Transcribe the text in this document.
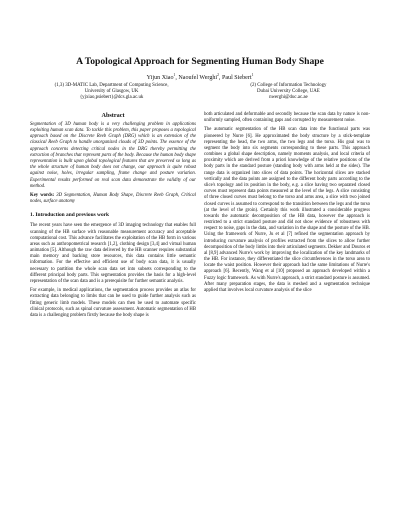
A Topological Approach for Segmenting Human Body Shape
Yijun Xiao$^1$, Naoufel Werghi$^2$, Paul Siebert$^1$
(1,3) 3D-MATIC Lab, Department of Computing Science,
University of Glasgow, UK
{yjxiao,psiebert}@dcs.gla.ac.uk
(2) College of Information Technology
Dubai University College, UAE
nwerghi@duc.ac.ae
Abstract

Segmentation of 3D human body is a very challenging problem in applications exploiting human scan data. To tackle this problem, this paper proposes a topological approach based on the Discrete Reeb Graph (DRG) which is an extension of the classical Reeb Graph to handle unorganized clouds of 3D points. The essence of the approach concerns detecting critical nodes in the DRG thereby permitting the extraction of branches that represent parts of the body. Because the human body shape representation is built upon global topological features that are preserved so long as the whole structure of human body does not change, our approach is quite robust against noise, holes, irregular sampling, frame change and posture variation. Experimental results performed on real scan data demonstrate the validity of our method.

Key words: 3D Segmentation, Human Body Shape, Discrete Reeb Graph, Critical nodes, surface anatomy

1. Introduction and previous work

The recent years have seen the emergence of 3D imaging technology that enables full scanning of the HB surface with reasonable measurement accuracy and acceptable computational cost. This advance facilitates the exploitation of the HB form in various areas such as anthropometrical research [1,2], clothing design [3,4] and virtual human animation [5]. Although the raw data delivered by the HB scanner requires substantial main memory and backing store resources, this data contains little semantic information. For the effective and efficient use of body scan data, it is usually necessary to partition the whole scan data set into subsets corresponding to the different principal body parts. This segmentation provides the basis for a high-level representation of the scan data and is a prerequisite for further semantic analysis.

For example, in medical applications, the segmentation process provides an atlas for extracting data belonging to limbs that can be used to guide further analysis such as fitting generic limb models. These models can then be used to automate specific clinical protocols, such as spinal curvature assessment. Automatic segmentation of HB data is a challenging problem firstly because the body shape is

both articulated and deformable and secondly because the scan data by nature is non-uniformly sampled, often containing gaps and corrupted by measurement noise.

The automatic segmentation of the HB scan data into the functional parts was pioneered by Nurre [6]. He approximated the body structure by a stick-template representing the head, the two arms, the two legs and the torso. His goal was to segment the body into six segments corresponding to these parts. This approach combines a global shape description, namely moments analysis, and local criteria of proximity which are derived from a priori knowledge of the relative positions of the body parts in the standard posture (standing body with arms held at the sides). The range data is organized into slices of data points. The horizontal slices are stacked vertically and the data points are assigned to the different body parts according to the slice's topology and its position in the body, e.g. a slice having two separated closed curves must represent data points measured at the level of the legs. A slice consisting of three closed curves must belong to the torso and arms area, a slice with two joined closed curves is assumed to correspond to the transition between the legs and the torso (at the level of the groin). Certainly this work illustrated a considerable progress towards the automatic decomposition of the HB data, however the approach is restricted to a strict standard posture and did not show evidence of robustness with respect to noise, gaps in the data, and variation in the shape and the posture of the HB. Using the framework of Nurre, Ju et al [7] refined the segmentation approach by introducing curvature analysis of profiles extracted from the slices to allow further decomposition of the body limbs into their articulated segments. Dekker and Douros et al [8,9] advanced Nurre's work by improving the localization of the key landmarks of the HB. For instance, they differentiated the slice circumferences in the torso area to locate the waist position. However their approach had the same limitations of Nurre's approach [6]. Recently, Wang et al [10] proposed an approach developed within a Fuzzy logic framework. As with Nurre's approach, a strict standard posture is assumed. After many preparation stages, the data is meshed and a segmentation technique applied that involves local curvature analysis of the slice
